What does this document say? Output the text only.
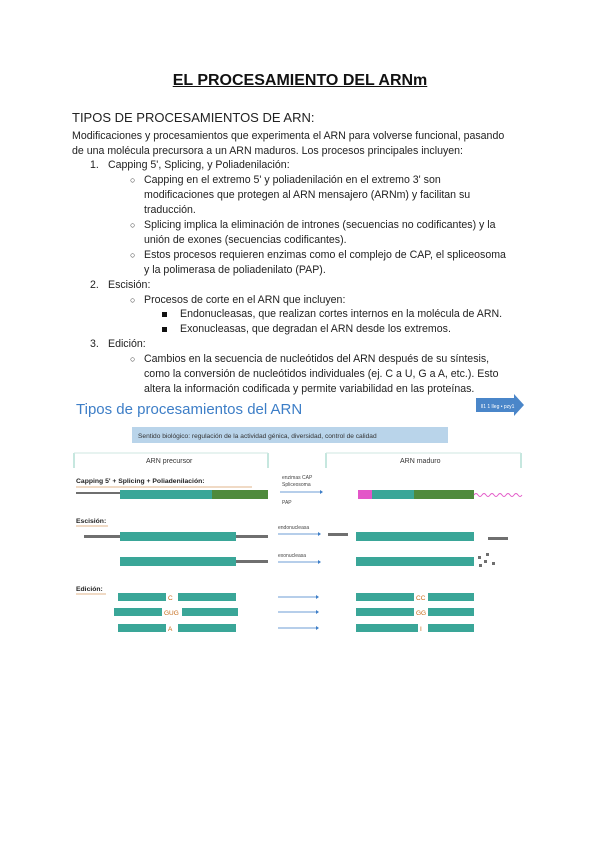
EL PROCESAMIENTO DEL ARNm
TIPOS DE PROCESAMIENTOS DE ARN:
Modificaciones y procesamientos que experimenta el ARN para volverse funcional, pasando
de una molécula precursora a un ARN maduros. Los procesos principales incluyen:
1. Capping 5', Splicing, y Poliadenilación:
○ Capping en el extremo 5' y poliadenilación en el extremo 3' son
modificaciones que protegen al ARN mensajero (ARNm) y facilitan su
traducción.
○ Splicing implica la eliminación de intrones (secuencias no codificantes) y la
unión de exones (secuencias codificantes).
○ Estos procesos requieren enzimas como el complejo de CAP, el spliceosoma
y la polimerasa de poliadenilato (PAP).
2. Escisión:
○ Procesos de corte en el ARN que incluyen:
Endonucleasas, que realizan cortes internos en la molécula de ARN.
Exonucleasas, que degradan el ARN desde los extremos.
3. Edición:
○ Cambios en la secuencia de nucleótidos del ARN después de su síntesis,
como la conversión de nucleótidos individuales (ej. C a U, G a A, etc.). Esto
altera la información codificada y permite variabilidad en las proteínas.
Tipos de procesamientos del ARN	ll1 1 lleg • pzy1
Sentido biológico: regulación de la actividad génica, diversidad, control de calidad
ARN precursor	ARN maduro
Capping 5' + Splicing + Poliadenilación:	enzimas CAP
Spliceosoma
PAP
Escisión:
endonucleasa
exonucleasa
Edición:
C	CC
GUG	GG
A	I
